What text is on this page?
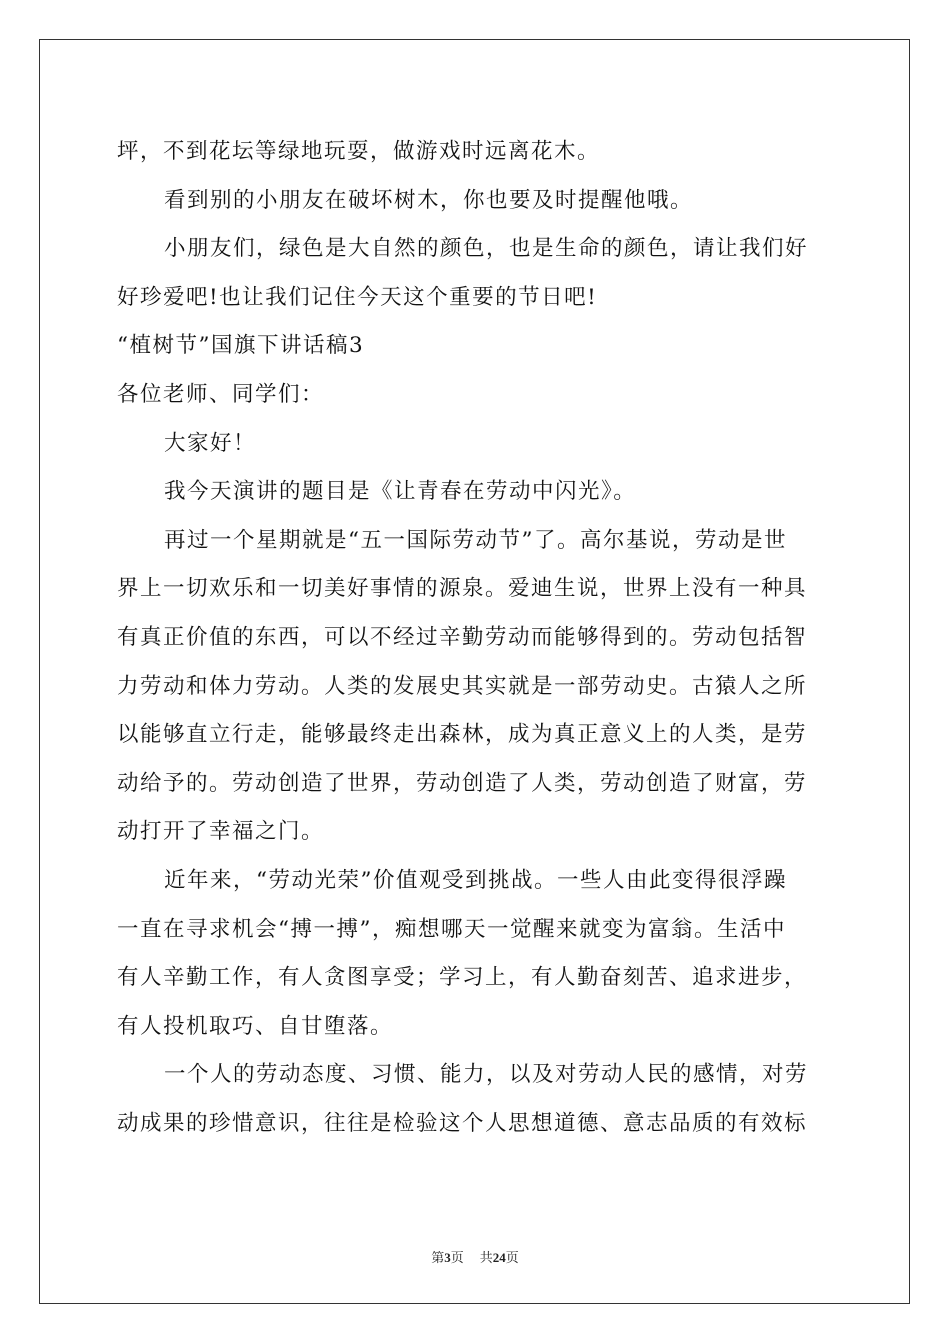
坪，不到花坛等绿地玩耍，做游戏时远离花木。
看到别的小朋友在破坏树木，你也要及时提醒他哦。
小朋友们，绿色是大自然的颜色，也是生命的颜色，请让我们好
好珍爱吧!也让我们记住今天这个重要的节日吧!
“植树节”国旗下讲话稿3
各位老师、同学们：
大家好！
我今天演讲的题目是《让青春在劳动中闪光》。
再过一个星期就是“五一国际劳动节”了。高尔基说，劳动是世
界上一切欢乐和一切美好事情的源泉。爱迪生说，世界上没有一种具
有真正价值的东西，可以不经过辛勤劳动而能够得到的。劳动包括智
力劳动和体力劳动。人类的发展史其实就是一部劳动史。古猿人之所
以能够直立行走，能够最终走出森林，成为真正意义上的人类，是劳
动给予的。劳动创造了世界，劳动创造了人类，劳动创造了财富，劳
动打开了幸福之门。
近年来，“劳动光荣”价值观受到挑战。一些人由此变得很浮躁
一直在寻求机会“搏一搏”，痴想哪天一觉醒来就变为富翁。生活中
有人辛勤工作，有人贪图享受；学习上，有人勤奋刻苦、追求进步，
有人投机取巧、自甘堕落。
一个人的劳动态度、习惯、能力，以及对劳动人民的感情，对劳
动成果的珍惜意识，往往是检验这个人思想道德、意志品质的有效标
第3页 共24页
